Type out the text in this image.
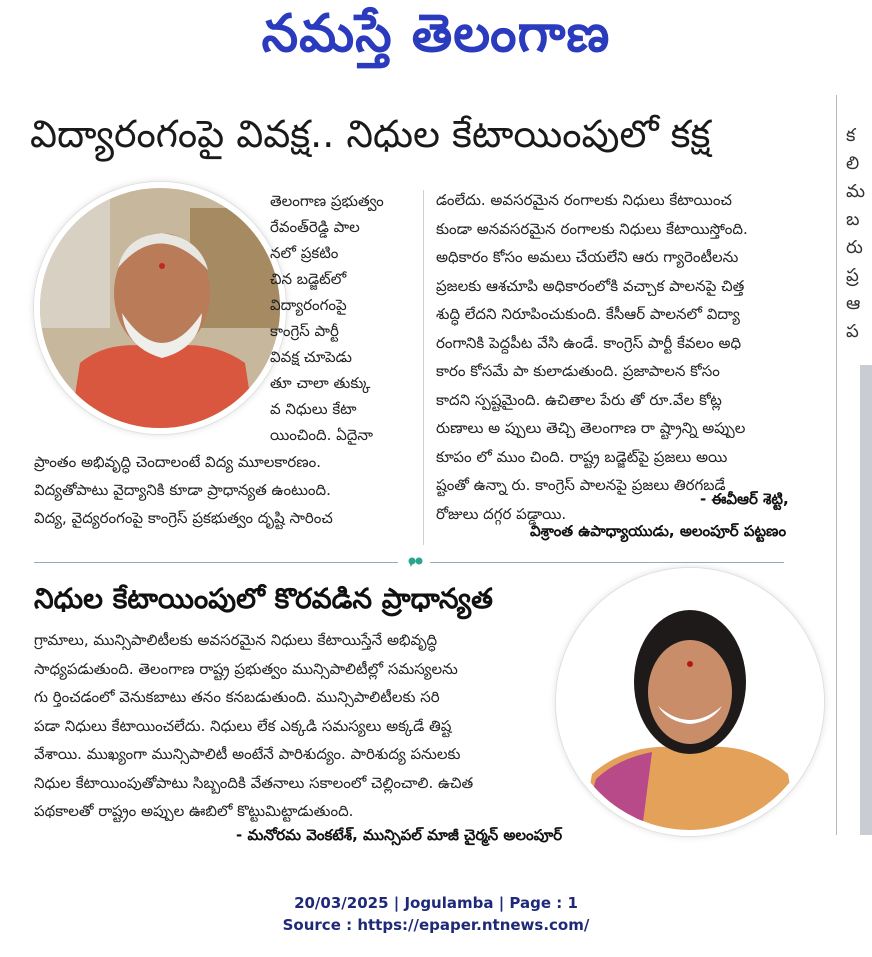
నమస్తే తెలంగాణ
క
లి
మ
బ
రు
ప్ర
ఆ
ప
విద్యారంగంపై వివక్ష.. నిధుల కేటాయింపులో కక్ష
తెలంగాణ ప్రభుత్వం
రేవంత్‌రెడ్డి పాల
నలో ప్రకటిం
చిన బడ్జెట్‌లో
విద్యారంగంపై
కాంగ్రెస్ పార్టీ
వివక్ష చూపెడు
తూ చాలా తుక్కు
వ నిధులు కేటా
యించింది. ఏదైనా
ప్రాంతం అభివృద్ధి చెందాలంటే విద్య మూలకారణం.
విద్యతోపాటు వైద్యానికి కూడా ప్రాధాన్యత ఉంటుంది.
విద్య, వైద్యరంగంపై కాంగ్రెస్ ప్రకభుత్వం దృష్టి సారించ
డంలేదు. అవసరమైన రంగాలకు నిధులు కేటాయించ
కుండా అనవసరమైన రంగాలకు నిధులు కేటాయిస్తోంది.
అధికారం కోసం అమలు చేయలేని ఆరు గ్యారెంటీలను
ప్రజలకు ఆశచూపి అధికారంలోకి వచ్చాక పాలనపై చిత్త
శుద్ధి లేదని నిరూపించుకుంది. కేసీఆర్ పాలనలో విద్యా
రంగానికి పెద్దపీట వేసి ఉండే. కాంగ్రెస్ పార్టీ కేవలం అధి
కారం కోసమే పా కులాడుతుంది. ప్రజాపాలన కోసం
కాదని స్పష్టమైంది. ఉచితాల పేరు తో రూ.వేల కోట్ల
రుణాలు అ ప్పులు తెచ్చి తెలంగాణ రా ష్ట్రాన్ని అప్పుల
కూపం లో ముం చింది. రాష్ట్ర బడ్జెట్‌పై ప్రజలు అయి
ష్టంతో ఉన్నా రు. కాంగ్రెస్ పాలనపై ప్రజలు తిరగబడే
రోజులు దగ్గర పడ్డాయి.
- ఈవీఆర్ శెట్టి,
విశ్రాంత ఉపాధ్యాయుడు, అలంపూర్ పట్టణం
నిధుల కేటాయింపులో కొరవడిన ప్రాధాన్యత
గ్రామాలు, మున్సిపాలిటీలకు అవసరమైన నిధులు కేటాయిస్తేనే అభివృద్ధి
సాధ్యపడుతుంది. తెలంగాణ రాష్ట్ర ప్రభుత్వం మున్సిపాలిటీల్లో సమస్యలను
గు ర్తించడంలో వెనుకబాటు తనం కనబడుతుంది. మున్సిపాలిటీలకు సరి
పడా నిధులు కేటాయించలేదు. నిధులు లేక ఎక్కడి సమస్యలు అక్కడే తిష్ట
వేశాయి. ముఖ్యంగా మున్సిపాలిటీ అంటేనే పారిశుద్యం. పారిశుద్య పనులకు
నిధుల కేటాయింపుతోపాటు సిబ్బందికి వేతనాలు సకాలంలో చెల్లించాలి. ఉచిత
పథకాలతో రాష్ట్రం అప్పుల ఊబిలో కొట్టుమిట్టాడుతుంది.
- మనోరమ వెంకటేశ్, మున్సిపల్ మాజీ చైర్మన్ అలంపూర్
20/03/2025 | Jogulamba | Page : 1
Source : https://epaper.ntnews.com/
